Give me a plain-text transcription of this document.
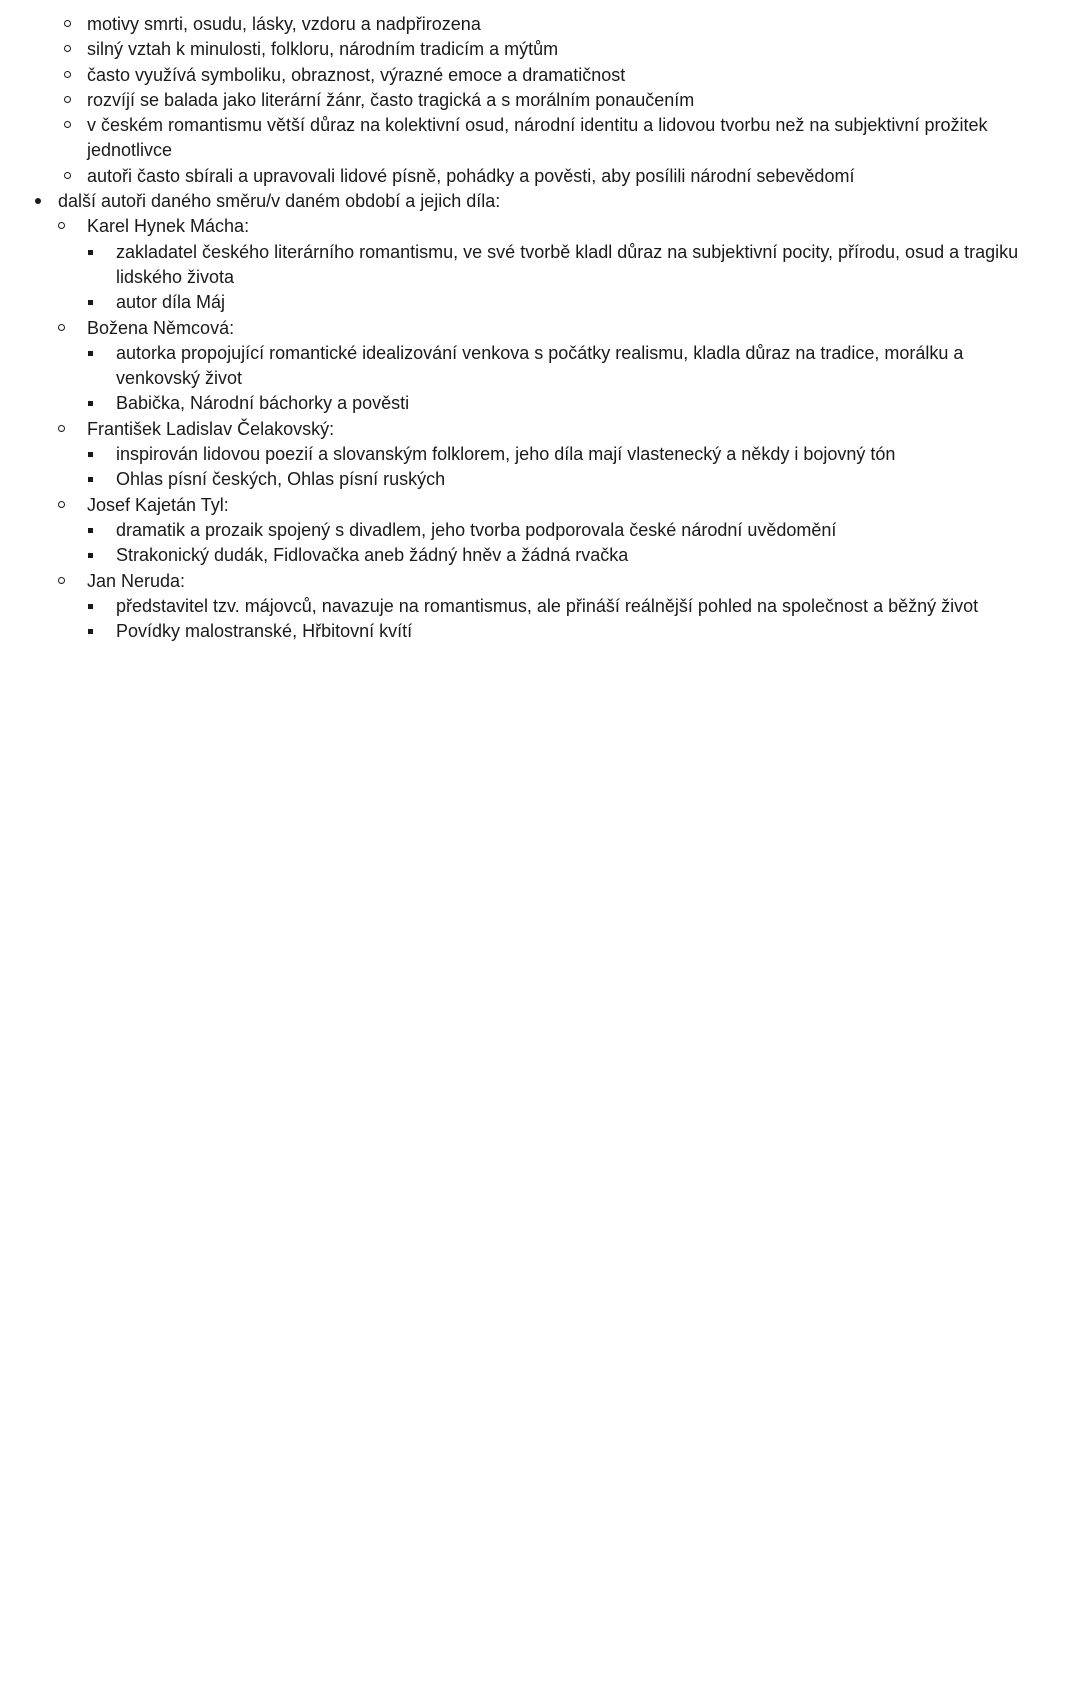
motivy smrti, osudu, lásky, vzdoru a nadpřirozena
silný vztah k minulosti, folkloru, národním tradicím a mýtům
často využívá symboliku, obraznost, výrazné emoce a dramatičnost
rozvíjí se balada jako literární žánr, často tragická a s morálním ponaučením
v českém romantismu větší důraz na kolektivní osud, národní identitu a lidovou tvorbu než na subjektivní prožitek jednotlivce
autoři často sbírali a upravovali lidové písně, pohádky a pověsti, aby posílili národní sebevědomí
další autoři daného směru/v daném období a jejich díla:
Karel Hynek Mácha:
zakladatel českého literárního romantismu, ve své tvorbě kladl důraz na subjektivní pocity, přírodu, osud a tragiku lidského života
autor díla Máj
Božena Němcová:
autorka propojující romantické idealizování venkova s počátky realismu, kladla důraz na tradice, morálku a venkovský život
Babička, Národní báchorky a pověsti
František Ladislav Čelakovský:
inspirován lidovou poezií a slovanským folklorem, jeho díla mají vlastenecký a někdy i bojovný tón
Ohlas písní českých, Ohlas písní ruských
Josef Kajetán Tyl:
dramatik a prozaik spojený s divadlem, jeho tvorba podporovala české národní uvědomění
Strakonický dudák, Fidlovačka aneb žádný hněv a žádná rvačka
Jan Neruda:
představitel tzv. májovců, navazuje na romantismus, ale přináší reálnější pohled na společnost a běžný život
Povídky malostranské, Hřbitovní kvítí
